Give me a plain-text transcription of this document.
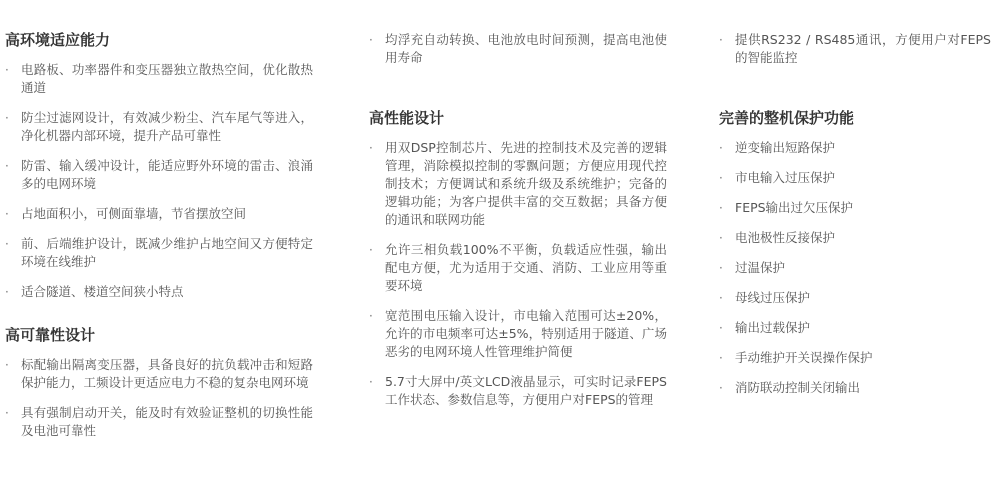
高环境适应能力
· 电路板、功率器件和变压器独立散热空间，优化散热通道
· 防尘过滤网设计，有效减少粉尘、汽车尾气等进入，净化机器内部环境，提升产品可靠性
· 防雷、输入缓冲设计，能适应野外环境的雷击、浪涌多的电网环境
· 占地面积小，可侧面靠墙，节省摆放空间
· 前、后端维护设计，既减少维护占地空间又方便特定环境在线维护
· 适合隧道、楼道空间狭小特点
高可靠性设计
· 标配输出隔离变压器，具备良好的抗负载冲击和短路保护能力，工频设计更适应电力不稳的复杂电网环境
· 具有强制启动开关，能及时有效验证整机的切换性能及电池可靠性
· 均浮充自动转换、电池放电时间预测，提高电池使用寿命
高性能设计
· 用双DSP控制芯片、先进的控制技术及完善的逻辑管理，消除模拟控制的零飘问题；方便应用现代控制技术；方便调试和系统升级及系统维护；完备的逻辑功能；为客户提供丰富的交互数据；具备方便的通讯和联网功能
· 允许三相负载100%不平衡，负载适应性强，输出配电方便，尤为适用于交通、消防、工业应用等重要环境
· 宽范围电压输入设计，市电输入范围可达±20%，允许的市电频率可达±5%，特别适用于隧道、广场恶劣的电网环境人性管理维护简便
· 5.7寸大屏中/英文LCD液晶显示，可实时记录FEPS工作状态、参数信息等，方便用户对FEPS的管理
· 提供RS232 / RS485通讯，方便用户对FEPS的智能监控
完善的整机保护功能
· 逆变输出短路保护
· 市电输入过压保护
· FEPS输出过欠压保护
· 电池极性反接保护
· 过温保护
· 母线过压保护
· 输出过载保护
· 手动维护开关误操作保护
· 消防联动控制关闭输出
